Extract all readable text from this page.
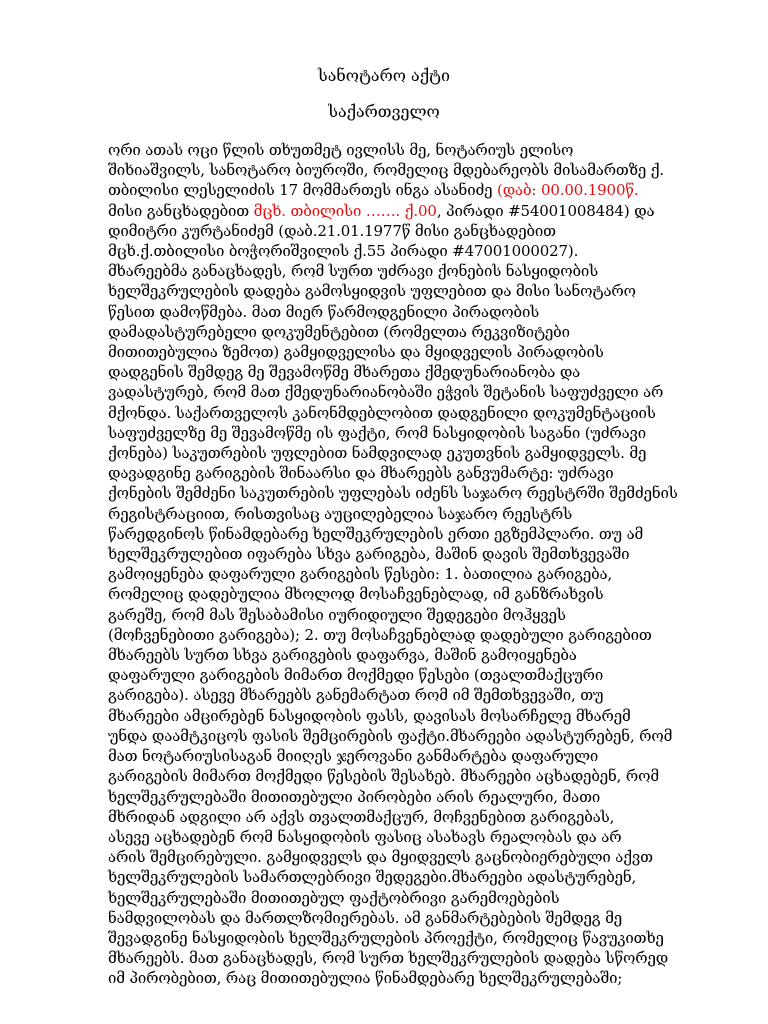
სანოტარო აქტი
საქართველო
ორი ათას ოცი წლის თხუთმეტ ივლისს მე, ნოტარიუს ელისო
შიხიაშვილს, სანოტარო ბიუროში, რომელიც მდებარეობს მისამართზე ქ.
თბილისი ლესელიძის 17 მომმართეს ინგა ასანიძე (დაბ: 00.00.1900წ.
მისი განცხადებით მცხ. თბილისი ……. ქ.00, პირადი #54001008484) და
დიმიტრი კურტანიძემ (დაბ.21.01.1977წ მისი განცხადებით
მცხ.ქ.თბილისი ბოჭორიშვილის ქ.55 პირადი #47001000027).
მხარეებმა განაცხადეს, რომ სურთ უძრავი ქონების ნასყიდობის
ხელშეკრულების დადება გამოსყიდვის უფლებით და მისი სანოტარო
წესით დამოწმება. მათ მიერ წარმოდგენილი პირადობის
დამადასტურებელი დოკუმენტებით (რომელთა რეკვიზიტები
მითითებულია ზემოთ) გამყიდველისა და მყიდველის პირადობის
დადგენის შემდეგ მე შევამოწმე მხარეთა ქმედუნარიანობა და
ვადასტურებ, რომ მათ ქმედუნარიანობაში ეჭვის შეტანის საფუძველი არ
მქონდა. საქართველოს კანონმდებლობით დადგენილი დოკუმენტაციის
საფუძველზე მე შევამოწმე ის ფაქტი, რომ ნასყიდობის საგანი (უძრავი
ქონება) საკუთრების უფლებით ნამდვილად ეკუთვნის გამყიდველს. მე
დავადგინე გარიგების შინაარსი და მხარეებს განვუმარტე: უძრავი
ქონების შემძენი საკუთრების უფლებას იძენს საჯარო რეესტრში შემძენის
რეგისტრაციით, რისთვისაც აუცილებელია საჯარო რეესტრს
წარედგინოს წინამდებარე ხელშეკრულების ერთი ეგზემპლარი. თუ ამ
ხელშეკრულებით იფარება სხვა გარიგება, მაშინ დავის შემთხვევაში
გამოიყენება დაფარული გარიგების წესები: 1. ბათილია გარიგება,
რომელიც დადებულია მხოლოდ მოსაჩვენებლად, იმ განზრახვის
გარეშე, რომ მას შესაბამისი იურიდიული შედეგები მოჰყვეს
(მოჩვენებითი გარიგება); 2. თუ მოსაჩვენებლად დადებული გარიგებით
მხარეებს სურთ სხვა გარიგების დაფარვა, მაშინ გამოიყენება
დაფარული გარიგების მიმართ მოქმედი წესები (თვალთმაქცური
გარიგება). ასევე მხარეებს განემარტათ რომ იმ შემთხვევაში, თუ
მხარეები ამცირებენ ნასყიდობის ფასს, დავისას მოსარჩელე მხარემ
უნდა დაამტკიცოს ფასის შემცირების ფაქტი.მხარეები ადასტურებენ, რომ
მათ ნოტარიუსისაგან მიიღეს ჯეროვანი განმარტება დაფარული
გარიგების მიმართ მოქმედი წესების შესახებ. მხარეები აცხადებენ, რომ
ხელშეკრულებაში მითითებული პირობები არის რეალური, მათი
მხრიდან ადგილი არ აქვს თვალთმაქცურ, მოჩვენებით გარიგებას,
ასევე აცხადებენ რომ ნასყიდობის ფასიც ასახავს რეალობას და არ
არის შემცირებული. გამყიდველს და მყიდველს გაცნობიერებული აქვთ
ხელშეკრულების სამართლებრივი შედეგები.მხარეები ადასტურებენ,
ხელშეკრულებაში მითითებულ ფაქტობრივი გარემოებების
ნამდვილობას და მართლზომიერებას. ამ განმარტებების შემდეგ მე
შევადგინე ნასყიდობის ხელშეკრულების პროექტი, რომელიც წავუკითხე
მხარეებს. მათ განაცხადეს, რომ სურთ ხელშეკრულების დადება სწორედ
იმ პირობებით, რაც მითითებულია წინამდებარე ხელშეკრულებაში;
